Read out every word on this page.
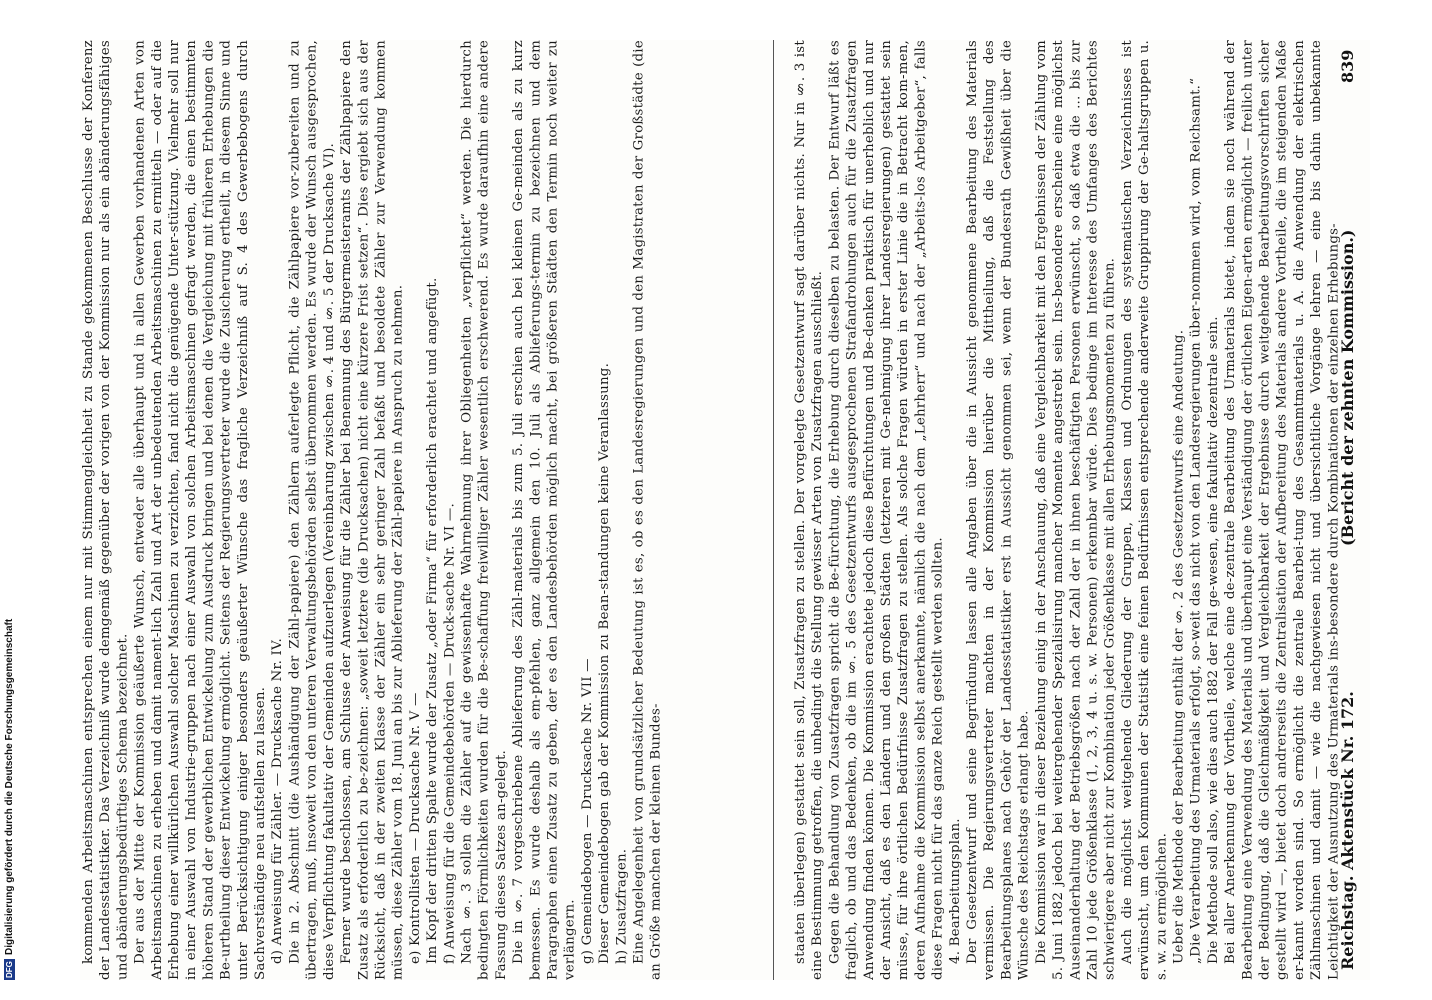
DFG
Digitalisierung gefördert durch die Deutsche Forschungsgemeinschaft	kommenden Arbeitsmaschinen entsprechen einem nur mit Stimmengleichheit zu Stande gekommenen Beschlusse der Konferenz der Landesstatistiker. Das Verzeichniß wurde demgemäß gegenüber der vorigen von der Kommission nur als ein abänderungsfähiges und abänderungsbedürftiges Schema bezeichnet. Der aus der Mitte der Kommission geäußerte Wunsch, entweder alle überhaupt und in allen Gewerben vorhandenen Arten von Arbeitsmaschinen zu erheben und damit nament-lich Zahl und Art der unbedeutenden Arbeitsmaschinen zu ermitteln — oder auf die Erhebung einer willkürlichen Auswahl solcher Maschinen zu verzichten, fand nicht die genügende Unter-stützung. Vielmehr soll nur in einer Auswahl von Industrie-gruppen nach einer Auswahl von solchen Arbeitsmaschinen gefragt werden, die einen bestimmten höheren Stand der gewerblichen Entwickelung zum Ausdruck bringen und bei denen die Vergleichung mit früheren Erhebungen die Be-urtheilung dieser Entwickelung ermöglicht. Seitens der Regierungsvertreter wurde die Zusicherung ertheilt, in diesem Sinne und unter Berücksichtigung einiger besonders geäußerter Wünsche das fragliche Verzeichniß auf S. 4 des Gewerbebogens durch Sachverständige neu aufstellen zu lassen. d) Anweisung für Zähler. — Drucksache Nr. IV. Die in 2. Abschnitt (die Aushändigung der Zähl-papiere) den Zählern auferlegte Pflicht, die Zählpapiere vor-zubereiten und zu übertragen, muß, insoweit von den unteren Verwaltungsbehörden selbst übernommen werden. Es wurde der Wunsch ausgesprochen, diese Verpflichtung fakultativ der Gemeinden aufzuerlegen (Vereinbarung zwischen §. 4 und §. 5 der Drucksache VI). Ferner wurde beschlossen, am Schlusse der Anweisung für die Zähler bei Benennung des Bürgermeisteramts der Zählpapiere den Zusatz als erforderlich zu be-zeichnen: „soweit letztere (die Drucksachen) nicht eine kürzere Frist setzen“. Dies ergiebt sich aus der Rücksicht, daß in der zweiten Klasse der Zähler ein sehr geringer Zahl befaßt und besoldete Zähler zur Verwendung kommen müssen, diese Zähler vom 18. Juni an bis zur Ablieferung der Zähl-papiere in Anspruch zu nehmen. e) Kontrollisten — Drucksache Nr. V — Im Kopf der dritten Spalte wurde der Zusatz „oder Firma“ für erforderlich erachtet und angefügt. f) Anweisung für die Gemeindebehörden — Druck-sache Nr. VI —. Nach §. 3 sollen die Zähler auf die gewissenhafte Wahrnehmung ihrer Obliegenheiten „verpflichtet“ werden. Die hierdurch bedingten Förmlichkeiten wurden für die Be-schaffung freiwilliger Zähler wesentlich erschwerend. Es wurde daraufhin eine andere Fassung dieses Satzes an-gelegt. Die in §. 7 vorgeschriebene Ablieferung des Zähl-materials bis zum 5. Juli erschien auch bei kleinen Ge-meinden als zu kurz bemessen. Es wurde deshalb als em-pfehlen, ganz allgemein den 10. Juli als Ablieferungs-termin zu bezeichnen und dem Paragraphen einen Zusatz zu geben, der es den Landesbehörden möglich macht, bei größeren Städten den Termin noch weiter zu verlängern. g) Gemeindebogen — Drucksache Nr. VII — Dieser Gemeindebogen gab der Kommission zu Bean-standungen keine Veranlassung. h) Zusatzfragen. Eine Angelegenheit von grundsätzlicher Bedeutung ist es, ob es den Landesregierungen und den Magistraten der Großstädte (die an Größe manchen der kleinen Bundes-	staaten überlegen) gestattet sein soll, Zusatzfragen zu stellen. Der vorgelegte Gesetzentwurf sagt darüber nichts. Nur in §. 3 ist eine Bestimmung getroffen, die unbedingt die Stellung gewisser Arten von Zusatzfragen ausschließt. Gegen die Behandlung von Zusatzfragen spricht die Be-fürchtung, die Erhebung durch dieselben zu belasten. Der Entwurf läßt es fraglich, ob und das Bedenken, ob die im §. 5 des Gesetzentwurfs ausgesprochenen Strafandrohungen auch für die Zusatzfragen Anwendung finden können. Die Kommission erachtete jedoch diese Befürchtungen und Be-denken praktisch für unerheblich und nur der Ansicht, daß es den Ländern und den großen Städten (letzteren mit Ge-nehmigung ihrer Landesregierungen) gestattet sein müsse, für ihre örtlichen Bedürfnisse Zusatzfragen zu stellen. Als solche Fragen würden in erster Linie die in Betracht kom-men, deren Aufnahme die Kommission selbst anerkannte, nämlich die nach dem „Lehrherr“ und nach der „Arbeits-los Arbeitgeber“, falls diese Fragen nicht für das ganze Reich gestellt werden sollten. 4. Bearbeitungsplan. Der Gesetzentwurf und seine Begründung lassen alle Angaben über die in Aussicht genommene Bearbeitung des Materials vermissen. Die Regierungsvertreter machten in der Kommission hierüber die Mittheilung, daß die Feststellung des Bearbeitungsplanes nach Gehör der Landesstatistiker erst in Aussicht genommen sei, wenn der Bundesrath Gewißheit über die Wünsche des Reichstags erlangt habe. Die Kommission war in dieser Beziehung einig in der Anschauung, daß eine Vergleichbarkeit mit den Ergebnissen der Zählung vom 5. Juni 1882 jedoch bei weitergehender Spezialisirung mancher Momente angestrebt sein. Ins-besondere erscheine eine möglichst Auseinanderhaltung der Betriebsgrößen nach der Zahl der in ihnen beschäftigten Personen erwünscht, so daß etwa die ... bis zur Zahl 10 jede Größenklasse (1, 2, 3, 4 u. s. w. Personen) erkennbar würde. Dies bedinge im Interesse des Umfanges des Berichtes schwierigere aber nicht zur Kombination jeder Größenklasse mit allen Erhebungsmomenten zu führen. Auch die möglichst weitgehende Gliederung der Gruppen, Klassen und Ordnungen des systematischen Verzeichnisses ist erwünscht, um den Kommunen der Statistik eine feinen Bedürfnissen entsprechende anderweite Gruppirung der Ge-haltsgruppen u. s. w. zu ermöglichen. Ueber die Methode der Bearbeitung enthält der §. 2 des Gesetzentwurfs eine Andeutung. „Die Verarbeitung des Urmaterials erfolgt, so-weit das nicht von den Landesregierungen über-nommen wird, vom Reichsamt.“ Die Methode soll also, wie dies auch 1882 der Fall ge-wesen, eine fakultativ dezentrale sein. Bei aller Anerkennung der Vortheile, welche eine de-zentrale Bearbeitung des Urmaterials bietet, indem sie noch während der Bearbeitung eine Verwendung des Materials und überhaupt eine Verständigung der örtlichen Eigen-arten ermöglicht — freilich unter der Bedingung, daß die Gleichmäßigkeit und Vergleichbarkeit der Ergebnisse durch weitgehende Bearbeitungsvorschriften sicher gestellt wird —, bietet doch andrerseits die Zentralisation der Aufbereitung des Materials andere Vortheile, die im steigenden Maße er-kannt worden sind. So ermöglicht die zentrale Bearbei-tung des Gesammtmaterials u. A. die Anwendung der elektrischen Zählmaschinen und damit — wie die nachgewiesen nicht und übersichtliche Vorgänge lehren — eine bis dahin unbekannte Leichtigkeit der Ausnutzung des Urmaterials ins-besondere durch Kombinationen der einzelnen Erhebungs-

Reichstag. Aktenstück Nr. 172.
(Bericht der zehnten Kommission.)
839
